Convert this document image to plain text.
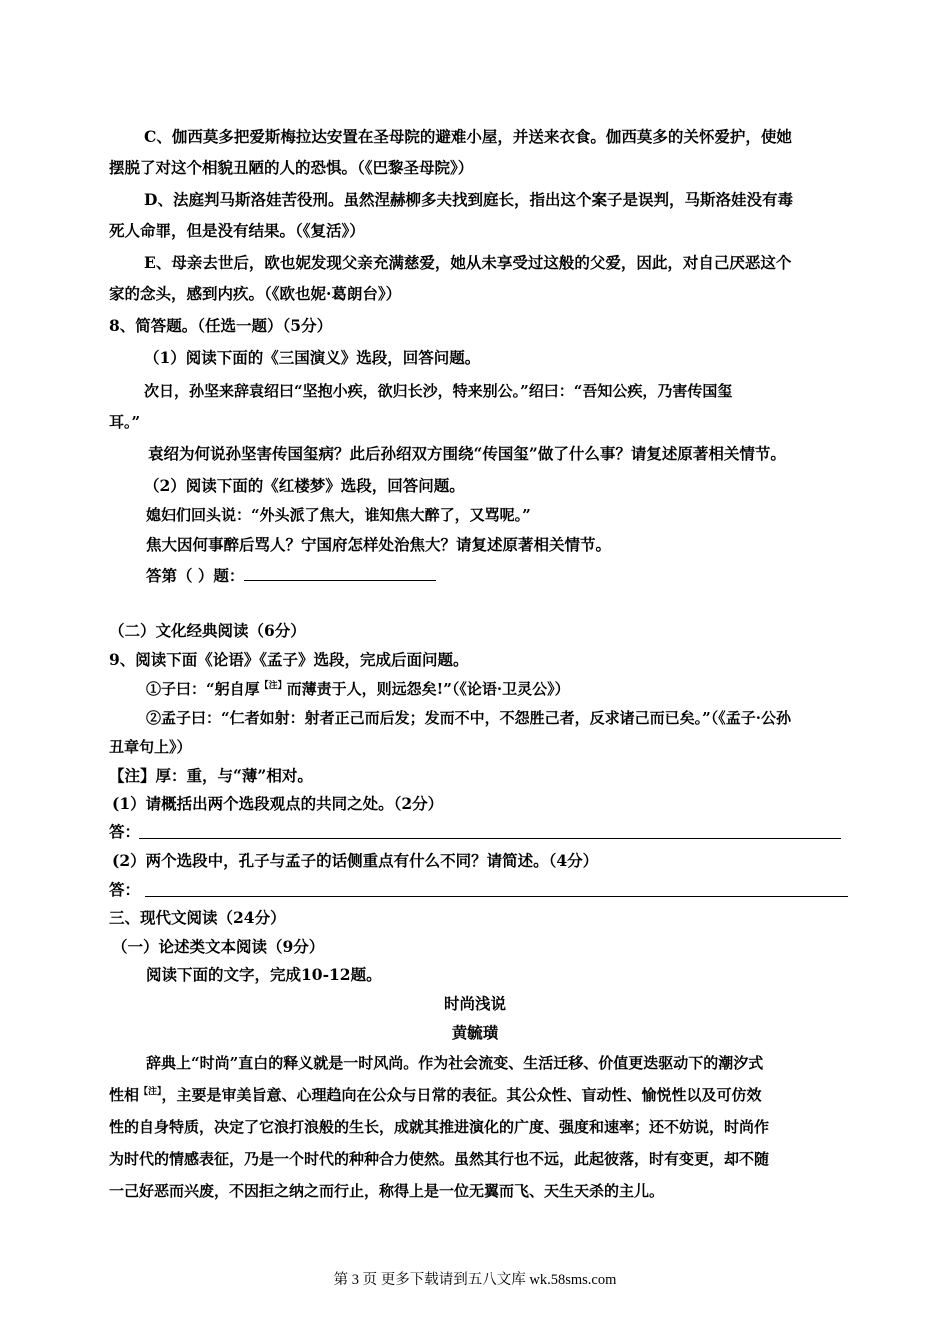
C、伽西莫多把爱斯梅拉达安置在圣母院的避难小屋，并送来衣食。伽西莫多的关怀爱护，使她
摆脱了对这个相貌丑陋的人的恐惧。（《巴黎圣母院》）
D、法庭判马斯洛娃苦役刑。虽然涅赫柳多夫找到庭长，指出这个案子是误判，马斯洛娃没有毒
死人命罪，但是没有结果。（《复活》）
E、母亲去世后，欧也妮发现父亲充满慈爱，她从未享受过这般的父爱，因此，对自己厌恶这个
家的念头，感到内疚。（《欧也妮·葛朗台》）
8、简答题。（任选一题）（5分）
（1）阅读下面的《三国演义》选段，回答问题。
次日，孙坚来辞袁绍曰“坚抱小疾，欲归长沙，特来别公。”绍曰：“吾知公疾，乃害传国玺
耳。”
袁绍为何说孙坚害传国玺病？此后孙绍双方围绕“传国玺”做了什么事？请复述原著相关情节。
（2）阅读下面的《红楼梦》选段，回答问题。
媳妇们回头说：“外头派了焦大，谁知焦大醉了，又骂呢。”
焦大因何事醉后骂人？宁国府怎样处治焦大？请复述原著相关情节。
答第（ ）题：
（二）文化经典阅读（6分）
9、阅读下面《论语》《孟子》选段，完成后面问题。
①子曰：“躬自厚$^{【注】}$而薄责于人，则远怨矣!”（《论语·卫灵公》）
②孟子曰：“仁者如射：射者正己而后发；发而不中，不怨胜己者，反求诸己而已矣。”（《孟子·公孙
丑章句上》）
【注】厚：重，与“薄”相对。
(1）请概括出两个选段观点的共同之处。（2分）
答：
(2）两个选段中，孔子与孟子的话侧重点有什么不同？请简述。（4分）
答：
三、现代文阅读（24分）
（一）论述类文本阅读（9分）
阅读下面的文字，完成10-12题。
时尚浅说
黄毓璜
辞典上“时尚”直白的释义就是一时风尚。作为社会流变、生活迁移、价值更迭驱动下的潮汐式
性相$^{【注】}$，主要是审美旨意、心理趋向在公众与日常的表征。其公众性、盲动性、愉悦性以及可仿效
性的自身特质，决定了它浪打浪般的生长，成就其推进演化的广度、强度和速率；还不妨说，时尚作
为时代的情感表征，乃是一个时代的种种合力使然。虽然其行也不远，此起彼落，时有变更，却不随
一己好恶而兴废，不因拒之纳之而行止，称得上是一位无翼而飞、天生天杀的主儿。
第 3 页 更多下载请到五八文库 wk.58sms.com
